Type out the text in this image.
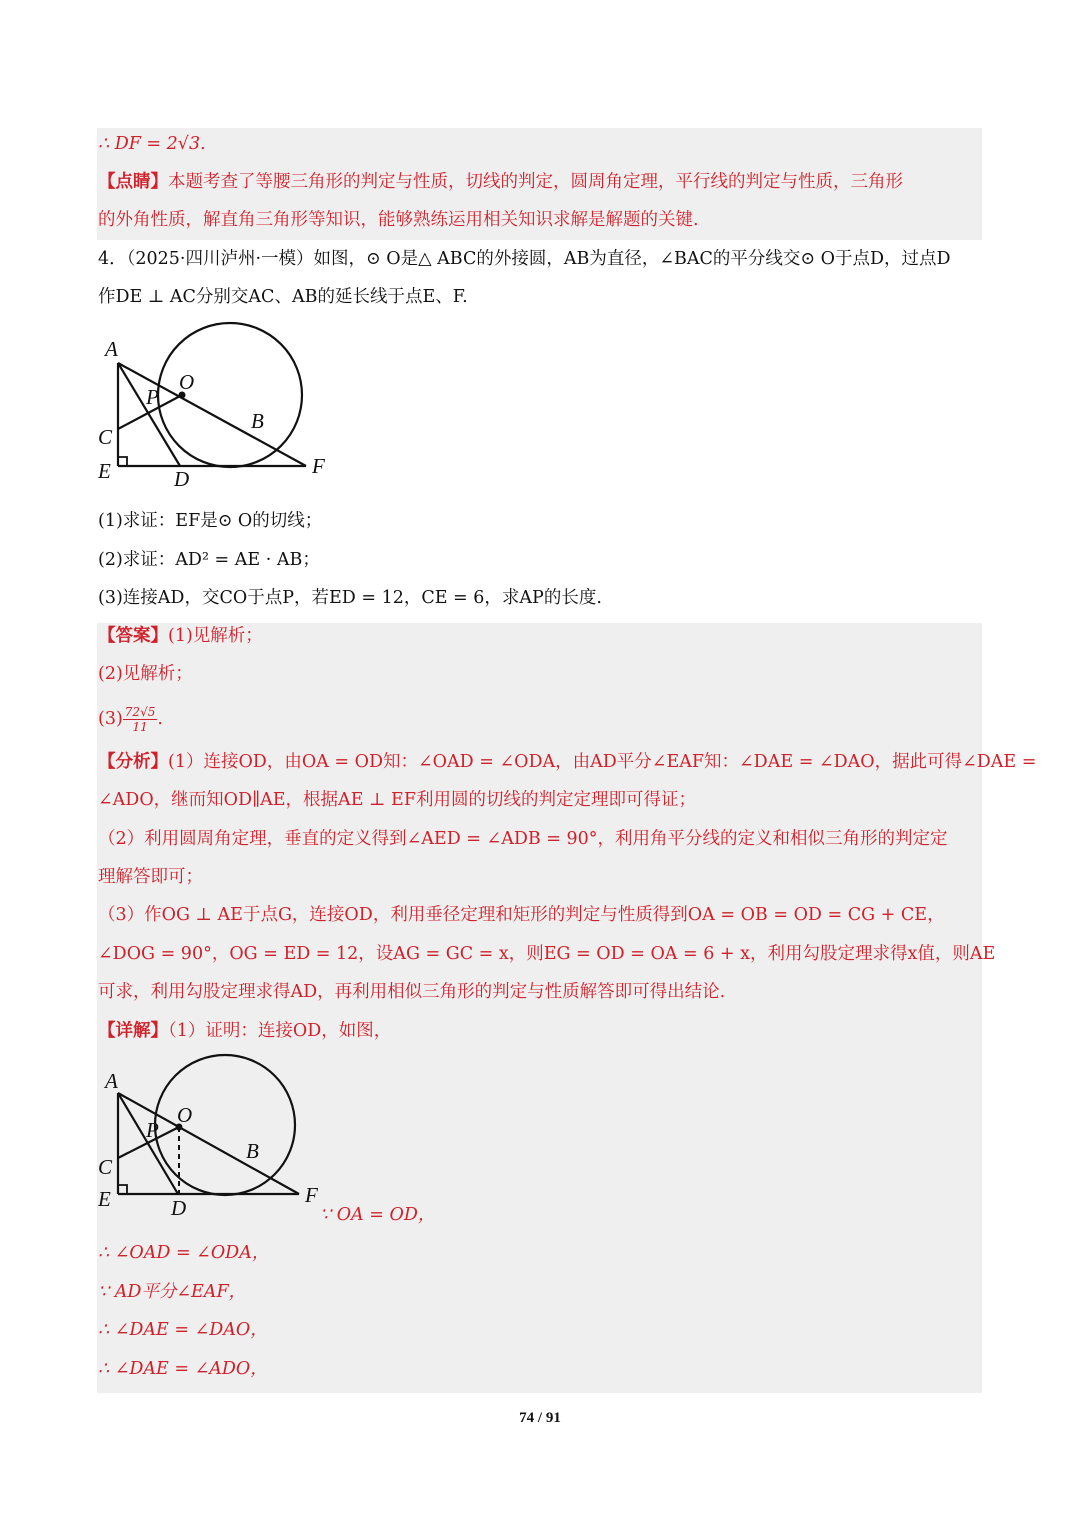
∴ DF = 2√3.
【点睛】本题考查了等腰三角形的判定与性质，切线的判定，圆周角定理，平行线的判定与性质，三角形
的外角性质，解直角三角形等知识，能够熟练运用相关知识求解是解题的关键.
4．（2025·四川泸州·一模）如图，⊙ O是△ ABC的外接圆，AB为直径，∠BAC的平分线交⊙ O于点D，过点D
作DE ⊥ AC分别交AC、AB的延长线于点E、F.
A
O
P
B
C
E	D
F
(1)求证：EF是⊙ O的切线；
(2)求证：AD² = AE · AB；
(3)连接AD，交CO于点P，若ED = 12，CE = 6，求AP的长度.
【答案】(1)见解析；
(2)见解析；
$(3) \frac{72√5}{11}$ .
【分析】(1）连接OD，由OA = OD知：∠OAD = ∠ODA，由AD平分∠EAF知：∠DAE = ∠DAO，据此可得∠DAE =
∠ADO，继而知OD∥AE，根据AE ⊥ EF利用圆的切线的判定定理即可得证；
（2）利用圆周角定理，垂直的定义得到∠AED = ∠ADB = 90°，利用角平分线的定义和相似三角形的判定定
理解答即可；
（3）作OG ⊥ AE于点G，连接OD，利用垂径定理和矩形的判定与性质得到OA = OB = OD = CG + CE，
∠DOG = 90°，OG = ED = 12，设AG = GC = x，则EG = OD = OA = 6 + x，利用勾股定理求得x值，则AE
可求，利用勾股定理求得AD，再利用相似三角形的判定与性质解答即可得出结论.
【详解】（1）证明：连接OD，如图，
A
O
P
B
C
E	D
F
∵ OA = OD，
∴ ∠OAD = ∠ODA，
∵ AD平分∠EAF，
∴ ∠DAE = ∠DAO，
∴ ∠DAE = ∠ADO，
74 / 91
